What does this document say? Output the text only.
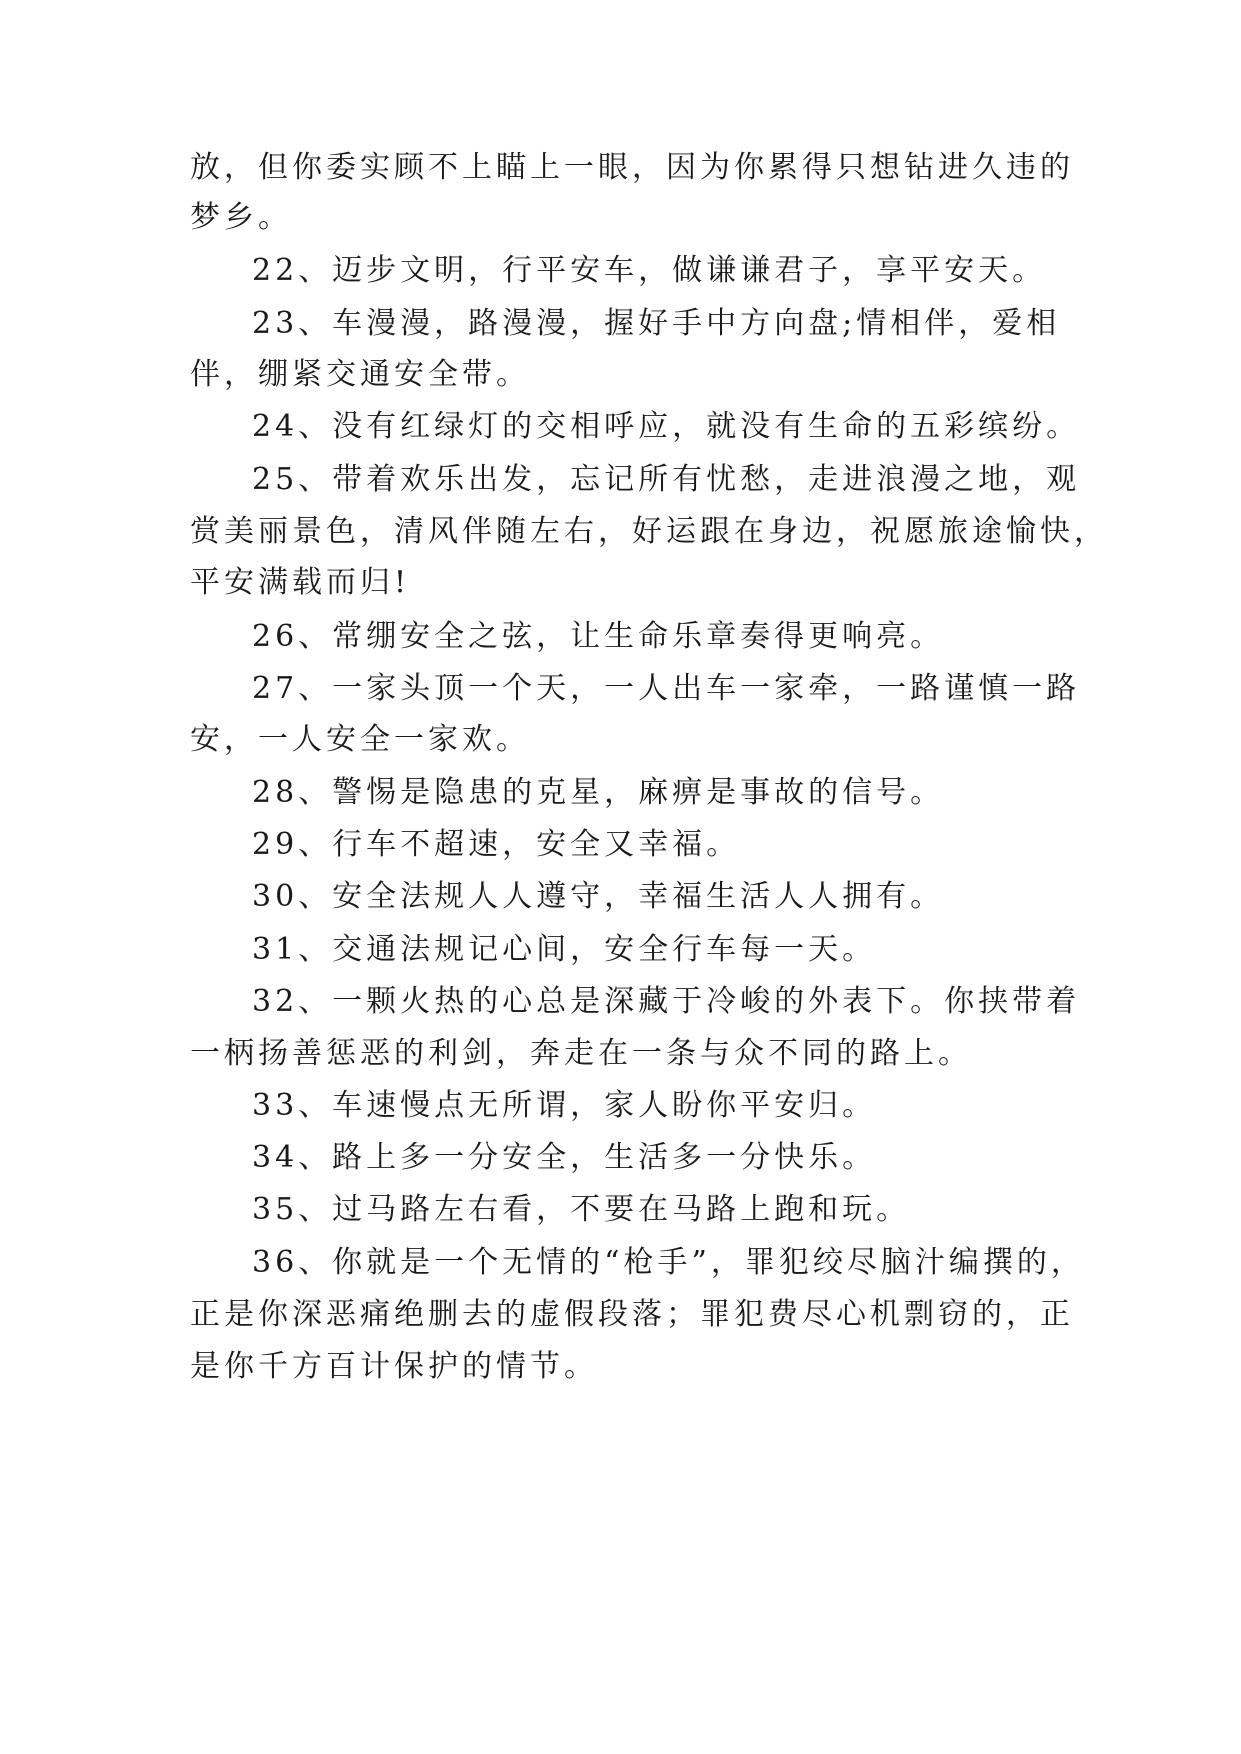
放，但你委实顾不上瞄上一眼，因为你累得只想钻进久违的
梦乡。
22、迈步文明，行平安车，做谦谦君子，享平安天。
23、车漫漫，路漫漫，握好手中方向盘;情相伴，爱相
伴，绷紧交通安全带。
24、没有红绿灯的交相呼应，就没有生命的五彩缤纷。
25、带着欢乐出发，忘记所有忧愁，走进浪漫之地，观
赏美丽景色，清风伴随左右，好运跟在身边，祝愿旅途愉快，
平安满载而归!
26、常绷安全之弦，让生命乐章奏得更响亮。
27、一家头顶一个天，一人出车一家牵，一路谨慎一路
安，一人安全一家欢。
28、警惕是隐患的克星，麻痹是事故的信号。
29、行车不超速，安全又幸福。
30、安全法规人人遵守，幸福生活人人拥有。
31、交通法规记心间，安全行车每一天。
32、一颗火热的心总是深藏于冷峻的外表下。你挟带着
一柄扬善惩恶的利剑，奔走在一条与众不同的路上。
33、车速慢点无所谓，家人盼你平安归。
34、路上多一分安全，生活多一分快乐。
35、过马路左右看，不要在马路上跑和玩。
36、你就是一个无情的“枪手”，罪犯绞尽脑汁编撰的，
正是你深恶痛绝删去的虚假段落；罪犯费尽心机剽窃的，正
是你千方百计保护的情节。
